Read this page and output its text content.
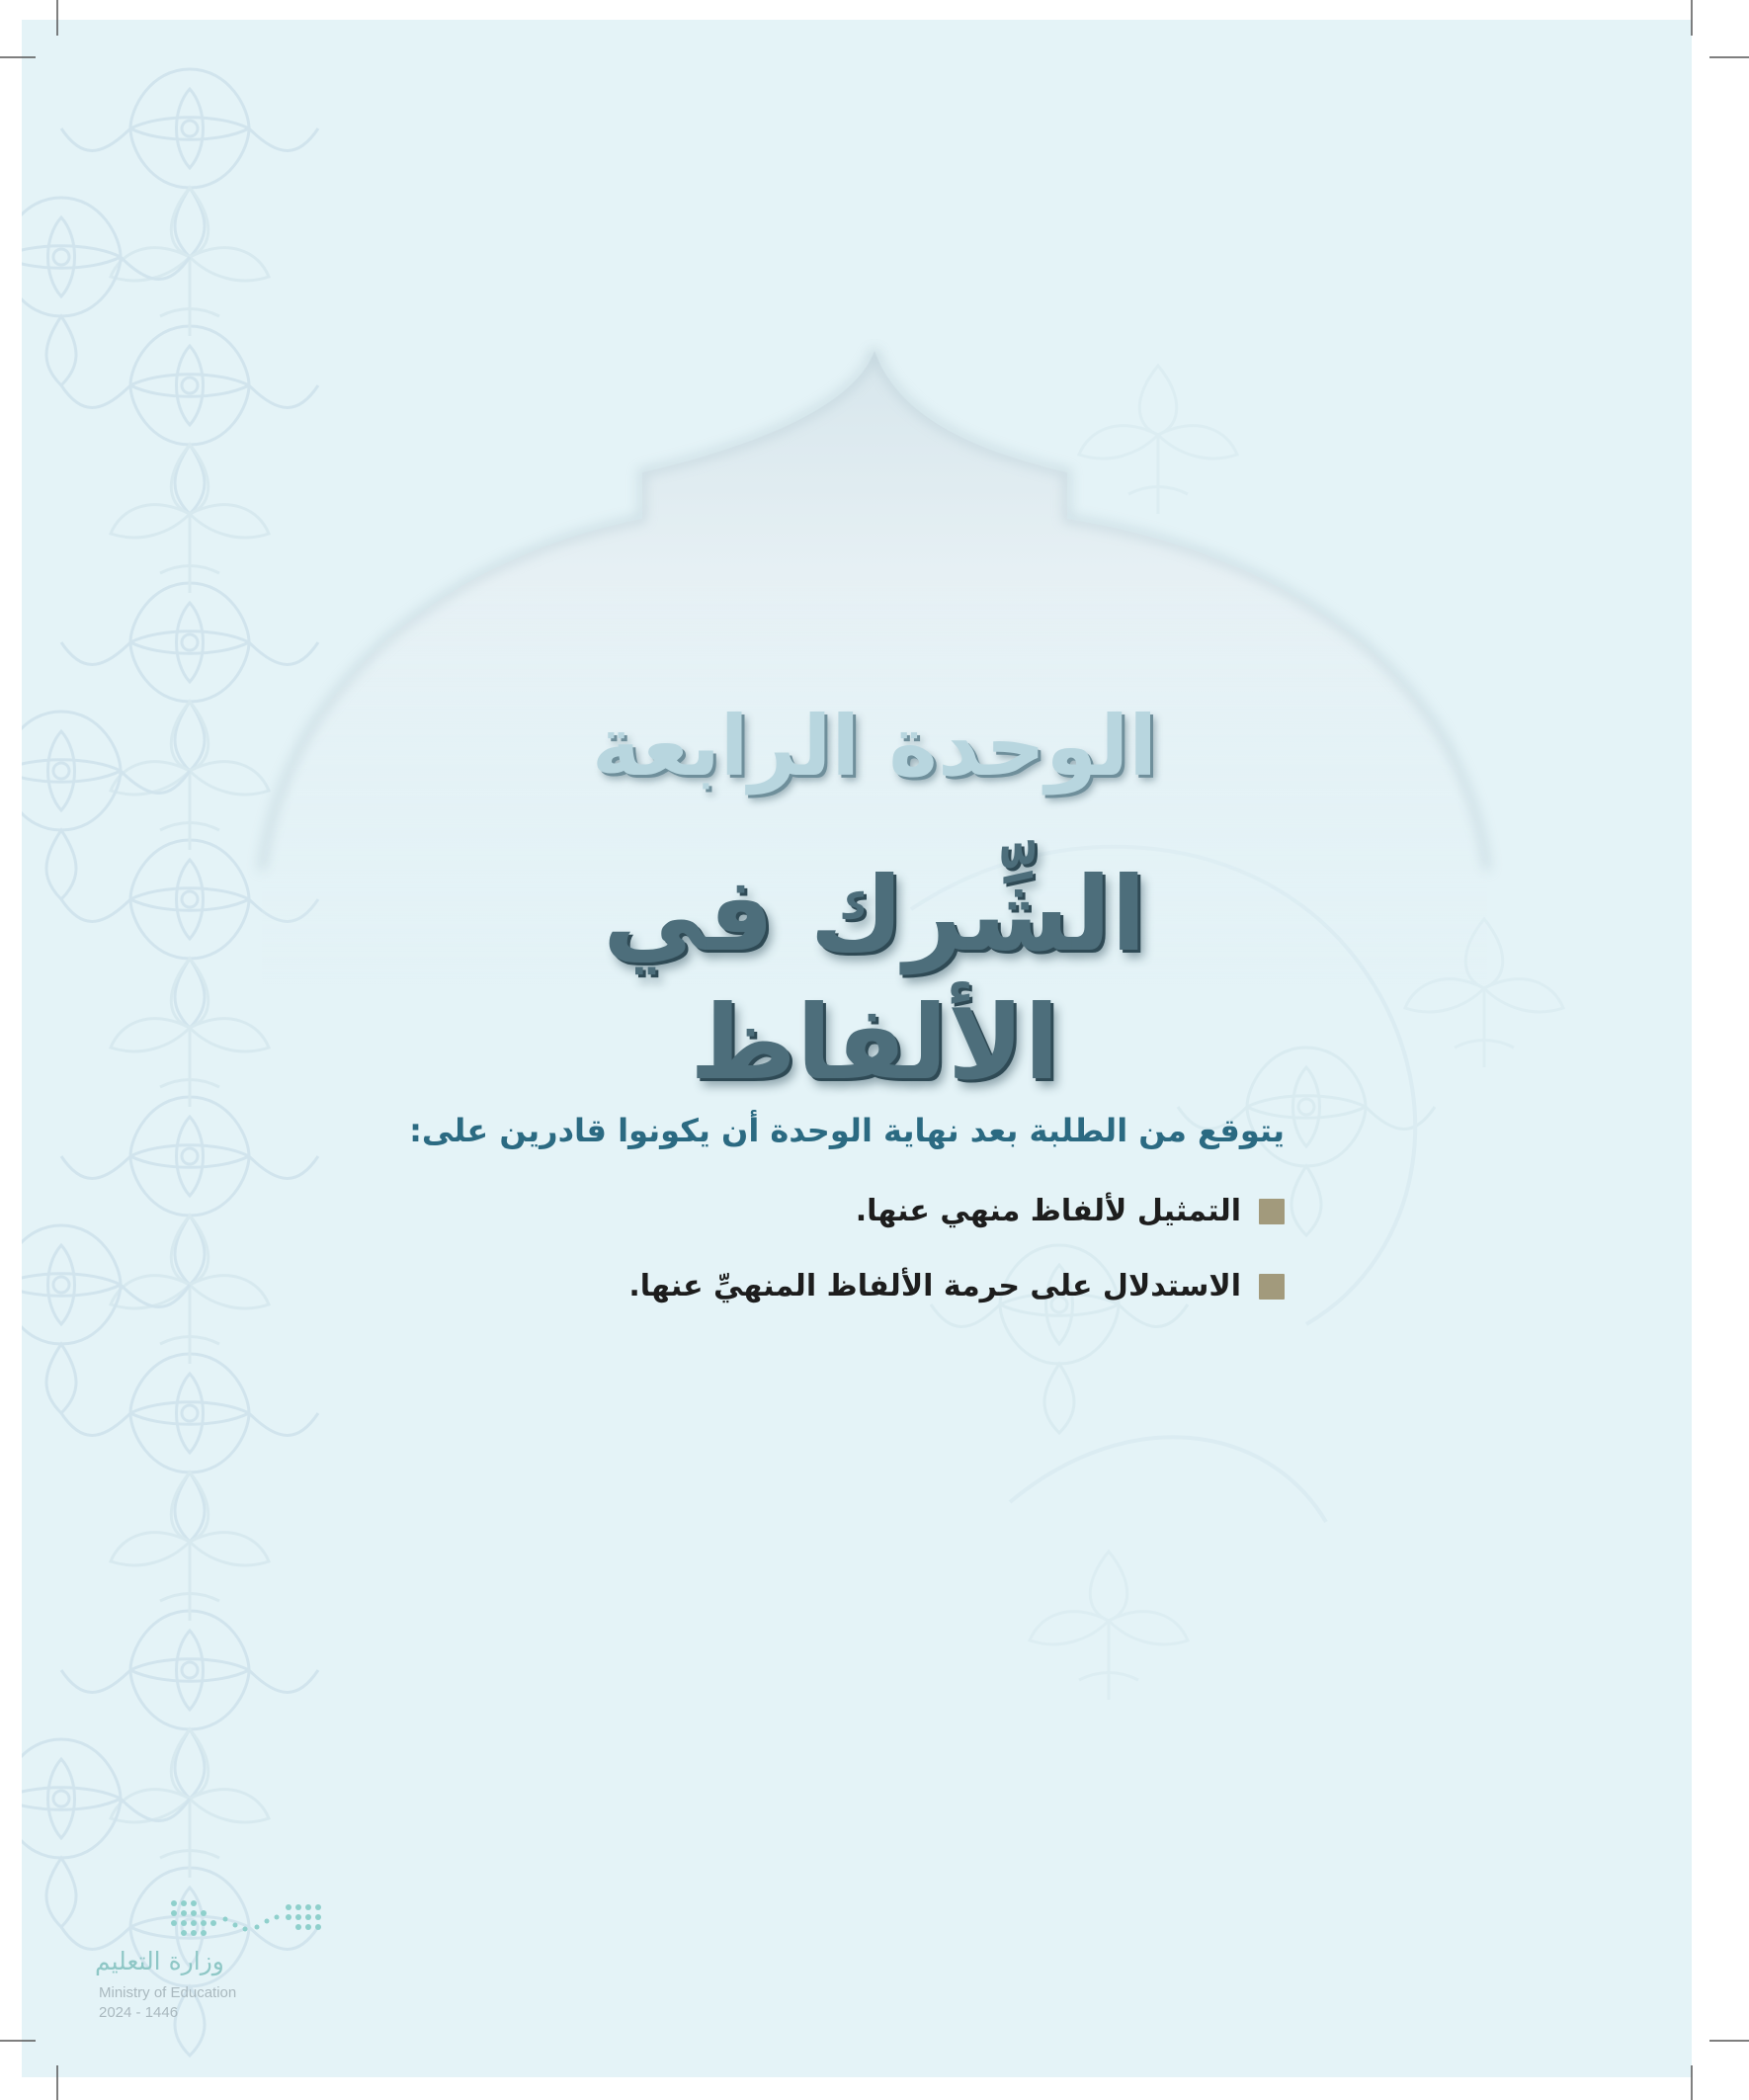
الوحدة الرابعة
الشِّرك في الألفاظ

يتوقع من الطلبة بعد نهاية الوحدة أن يكونوا قادرين على:

التمثيل لألفاظ منهي عنها.
الاستدلال على حرمة الألفاظ المنهيِّ عنها.
وزارة التعليم
Ministry of Education
2024 - 1446
